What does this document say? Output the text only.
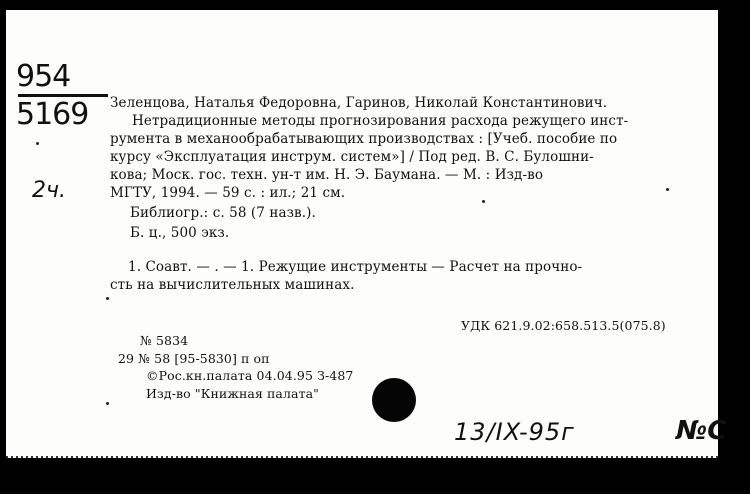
954
5169
2ч.
Зеленцова, Наталья Федоровна, Гаринов, Николай Константинович.
Нетрадиционные методы прогнозирования расхода режущего инст-
румента в механообрабатывающих производствах : [Учеб. пособие по
курсу «Эксплуатация инструм. систем»] / Под ред. В. С. Булошни-
кова; Моск. гос. техн. ун-т им. Н. Э. Баумана. — М. : Изд-во
МГТУ, 1994. — 59 с. : ил.; 21 см.
Библиогр.: с. 58 (7 назв.).
Б. ц., 500 экз.
1. Соавт. — . — 1. Режущие инструменты — Расчет на прочно-
сть на вычислительных машинах.
УДК 621.9.02:658.513.5(075.8)
№ 5834
29 № 58 [95-5830] п оп
©Рос.кн.палата 04.04.95 З-487
Изд-во "Книжная палата"
13/IX-95г	№С
